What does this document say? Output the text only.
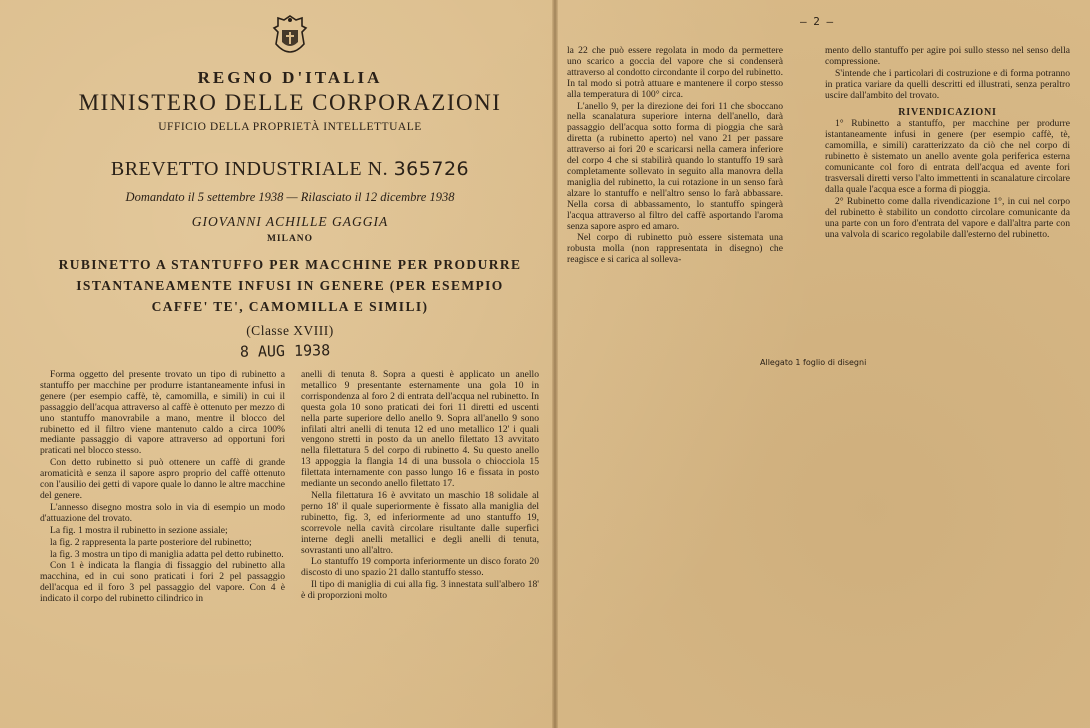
REGNO D'ITALIA
MINISTERO DELLE CORPORAZIONI
UFFICIO DELLA PROPRIETÀ INTELLETTUALE
BREVETTO INDUSTRIALE N. 365726
Domandato il 5 settembre 1938 — Rilasciato il 12 dicembre 1938
GIOVANNI ACHILLE GAGGIA
MILANO
RUBINETTO A STANTUFFO PER MACCHINE PER PRODURRE
ISTANTANEAMENTE INFUSI IN GENERE (PER ESEMPIO
CAFFE' TE', CAMOMILLA E SIMILI)
(Classe XVIII)
8 AUG 1938

Forma oggetto del presente trovato un tipo di rubinetto a stantuffo per macchine per produrre istantaneamente infusi in genere (per esempio caffè, tè, camomilla, e simili) in cui il passaggio dell'acqua attraverso al caffè è ottenuto per mezzo di uno stantuffo manovrabile a mano, mentre il blocco del rubinetto ed il filtro viene mantenuto caldo a circa 100% mediante passaggio di vapore attraverso ad opportuni fori praticati nel blocco stesso.

Con detto rubinetto si può ottenere un caffè di grande aromaticità e senza il sapore aspro proprio del caffè ottenuto con l'ausilio dei getti di vapore quale lo danno le altre macchine del genere.

L'annesso disegno mostra solo in via di esempio un modo d'attuazione del trovato.

La fig. 1 mostra il rubinetto in sezione assiale;

la fig. 2 rappresenta la parte posteriore del rubinetto;

la fig. 3 mostra un tipo di maniglia adatta pel detto rubinetto.

Con 1 è indicata la flangia di fissaggio del rubinetto alla macchina, ed in cui sono praticati i fori 2 pel passaggio dell'acqua ed il foro 3 pel passaggio del vapore. Con 4 è indicato il corpo del rubinetto cilindrico in

anelli di tenuta 8. Sopra a questi è applicato un anello metallico 9 presentante esternamente una gola 10 in corrispondenza al foro 2 di entrata dell'acqua nel rubinetto. In questa gola 10 sono praticati dei fori 11 diretti ed uscenti nella parte superiore dello anello 9. Sopra all'anello 9 sono infilati altri anelli di tenuta 12 ed uno metallico 12' i quali vengono stretti in posto da un anello filettato 13 avvitato nella filettatura 5 del corpo di rubinetto 4. Su questo anello 13 appoggia la flangia 14 di una bussola o chiocciola 15 filettata internamente con passo lungo 16 e fissata in posto mediante un secondo anello filettato 17.

Nella filettatura 16 è avvitato un maschio 18 solidale al perno 18' il quale superiormente è fissato alla maniglia del rubinetto, fig. 3, ed inferiormente ad uno stantuffo 19, scorrevole nella cavità circolare risultante dalle superfici interne degli anelli metallici e degli anelli di tenuta, sovrastanti uno all'altro.

Lo stantuffo 19 comporta inferiormente un disco forato 20 discosto di uno spazio 21 dallo stantuffo stesso.

Il tipo di maniglia di cui alla fig. 3 innestata sull'albero 18' è di proporzioni molto

— 2 —

la 22 che può essere regolata in modo da permettere uno scarico a goccia del vapore che si condenserà attraverso al condotto circondante il corpo del rubinetto. In tal modo si potrà attuare e mantenere il corpo stesso alla temperatura di 100° circa.

L'anello 9, per la direzione dei fori 11 che sboccano nella scanalatura superiore interna dell'anello, darà passaggio dell'acqua sotto forma di pioggia che sarà diretta (a rubinetto aperto) nel vano 21 per passare attraverso ai fori 20 e scaricarsi nella camera inferiore del corpo 4 che si stabilirà quando lo stantuffo 19 sarà completamente sollevato in seguito alla manovra della maniglia del rubinetto, la cui rotazione in un senso farà alzare lo stantuffo e nell'altro senso lo farà abbassare. Nella corsa di abbassamento, lo stantuffo spingerà l'acqua attraverso al filtro del caffè asportando l'aroma senza sapore aspro ed amaro.

Nel corpo di rubinetto può essere sistemata una robusta molla (non rappresentata in disegno) che reagisce e si carica al solleva-

mento dello stantuffo per agire poi sullo stesso nel senso della compressione.

S'intende che i particolari di costruzione e di forma potranno in pratica variare da quelli descritti ed illustrati, senza peraltro uscire dall'ambito del trovato.

RIVENDICAZIONI

1° Rubinetto a stantuffo, per macchine per produrre istantaneamente infusi in genere (per esempio caffè, tè, camomilla, e simili) caratterizzato da ciò che nel corpo di rubinetto è sistemato un anello avente gola periferica esterna comunicante col foro di entrata dell'acqua ed avente fori trasversali diretti verso l'alto immettenti in scanalature circolare dalla quale l'acqua esce a forma di pioggia.

2° Rubinetto come dalla rivendicazione 1°, in cui nel corpo del rubinetto è stabilito un condotto circolare comunicante da una parte con un foro d'entrata del vapore e dall'altra parte con una valvola di scarico regolabile dall'esterno del rubinetto.

Allegato 1 foglio di disegni
